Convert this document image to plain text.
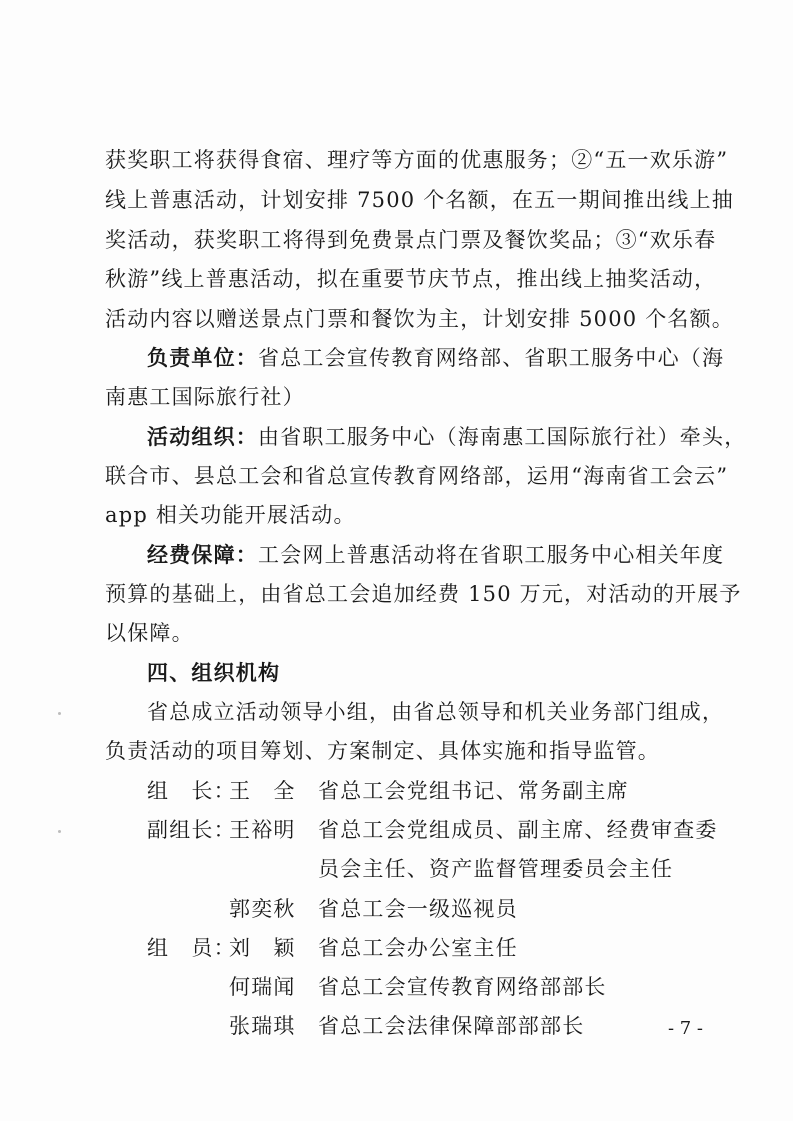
获奖职工将获得食宿、理疗等方面的优惠服务；②“五一欢乐游”
线上普惠活动，计划安排 7500 个名额，在五一期间推出线上抽
奖活动，获奖职工将得到免费景点门票及餐饮奖品；③“欢乐春
秋游”线上普惠活动，拟在重要节庆节点，推出线上抽奖活动，
活动内容以赠送景点门票和餐饮为主，计划安排 5000 个名额。
负责单位：省总工会宣传教育网络部、省职工服务中心（海
南惠工国际旅行社）
活动组织：由省职工服务中心（海南惠工国际旅行社）牵头，
联合市、县总工会和省总宣传教育网络部，运用“海南省工会云”
app 相关功能开展活动。
经费保障：工会网上普惠活动将在省职工服务中心相关年度
预算的基础上，由省总工会追加经费 150 万元，对活动的开展予
以保障。
四、组织机构
省总成立活动领导小组，由省总领导和机关业务部门组成，
负责活动的项目筹划、方案制定、具体实施和指导监管。
组　长：
王　全 省总工会党组书记、常务副主席
副组长：
王裕明 省总工会党组成员、副主席、经费审查委
员会主任、资产监督管理委员会主任
郭奕秋 省总工会一级巡视员
组　员：
刘　颖 省总工会办公室主任
何瑞闻 省总工会宣传教育网络部部长
张瑞琪 省总工会法律保障部部部长	- 7 -
